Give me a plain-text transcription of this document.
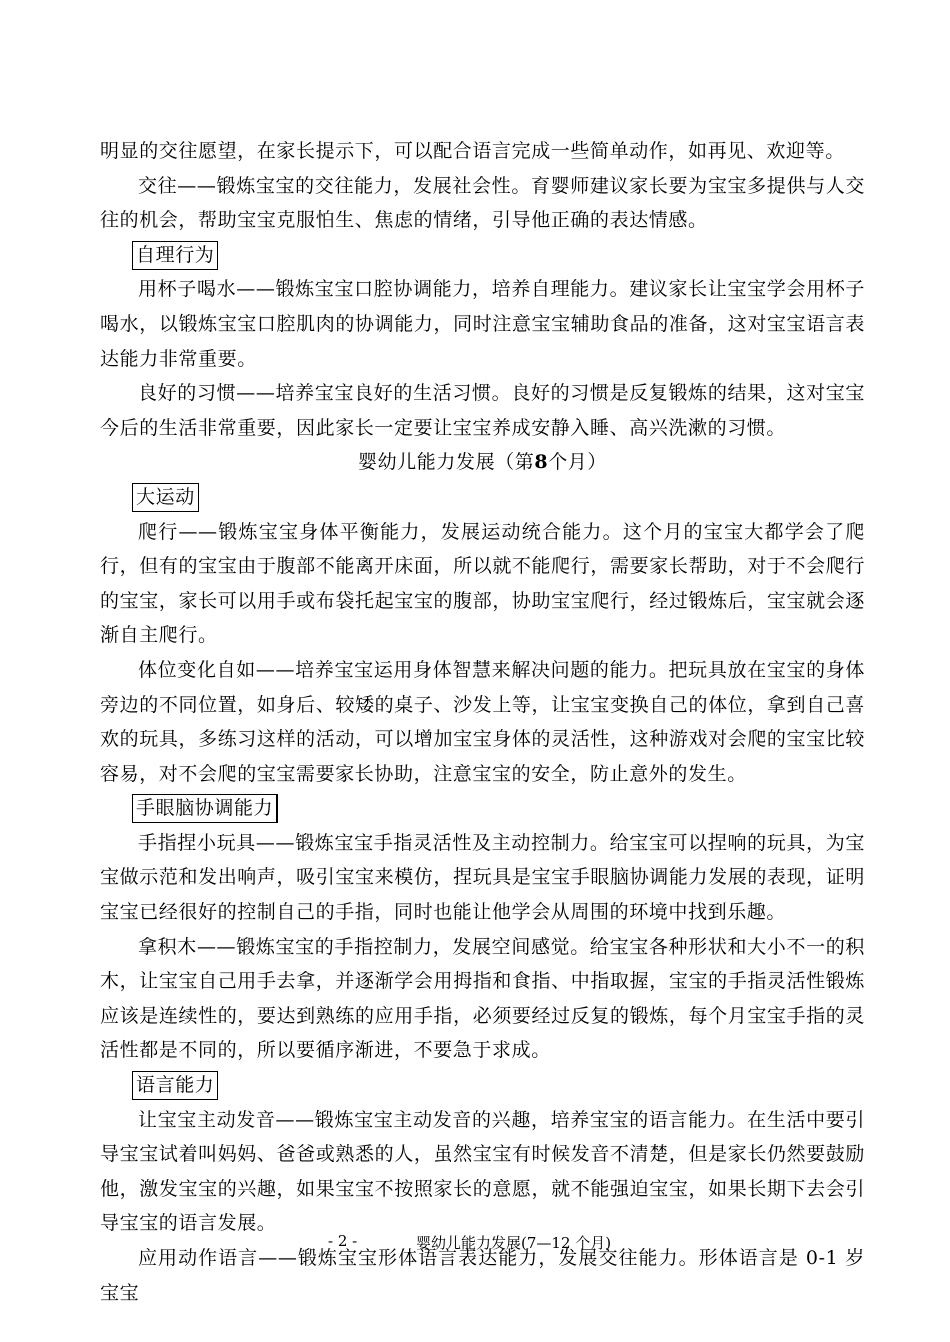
明显的交往愿望，在家长提示下，可以配合语言完成一些简单动作，如再见、欢迎等。

交往——锻炼宝宝的交往能力，发展社会性。育婴师建议家长要为宝宝多提供与人交往的机会，帮助宝宝克服怕生、焦虑的情绪，引导他正确的表达情感。

自理行为

用杯子喝水——锻炼宝宝口腔协调能力，培养自理能力。建议家长让宝宝学会用杯子喝水，以锻炼宝宝口腔肌肉的协调能力，同时注意宝宝辅助食品的准备，这对宝宝语言表达能力非常重要。

良好的习惯——培养宝宝良好的生活习惯。良好的习惯是反复锻炼的结果，这对宝宝今后的生活非常重要，因此家长一定要让宝宝养成安静入睡、高兴洗漱的习惯。

婴幼儿能力发展（第8个月）

大运动

爬行——锻炼宝宝身体平衡能力，发展运动统合能力。这个月的宝宝大都学会了爬行，但有的宝宝由于腹部不能离开床面，所以就不能爬行，需要家长帮助，对于不会爬行的宝宝，家长可以用手或布袋托起宝宝的腹部，协助宝宝爬行，经过锻炼后，宝宝就会逐渐自主爬行。

体位变化自如——培养宝宝运用身体智慧来解决问题的能力。把玩具放在宝宝的身体旁边的不同位置，如身后、较矮的桌子、沙发上等，让宝宝变换自己的体位，拿到自己喜欢的玩具，多练习这样的活动，可以增加宝宝身体的灵活性，这种游戏对会爬的宝宝比较容易，对不会爬的宝宝需要家长协助，注意宝宝的安全，防止意外的发生。

手眼脑协调能力

手指捏小玩具——锻炼宝宝手指灵活性及主动控制力。给宝宝可以捏响的玩具，为宝宝做示范和发出响声，吸引宝宝来模仿，捏玩具是宝宝手眼脑协调能力发展的表现，证明宝宝已经很好的控制自己的手指，同时也能让他学会从周围的环境中找到乐趣。

拿积木——锻炼宝宝的手指控制力，发展空间感觉。给宝宝各种形状和大小不一的积木，让宝宝自己用手去拿，并逐渐学会用拇指和食指、中指取握，宝宝的手指灵活性锻炼应该是连续性的，要达到熟练的应用手指，必须要经过反复的锻炼，每个月宝宝手指的灵活性都是不同的，所以要循序渐进，不要急于求成。

语言能力

让宝宝主动发音——锻炼宝宝主动发音的兴趣，培养宝宝的语言能力。在生活中要引导宝宝试着叫妈妈、爸爸或熟悉的人，虽然宝宝有时候发音不清楚，但是家长仍然要鼓励他，激发宝宝的兴趣，如果宝宝不按照家长的意愿，就不能强迫宝宝，如果长期下去会引导宝宝的语言发展。

应用动作语言——锻炼宝宝形体语言表达能力，发展交往能力。形体语言是 0-1 岁宝宝

- 2 -	婴幼儿能力发展(7—12 个月)
